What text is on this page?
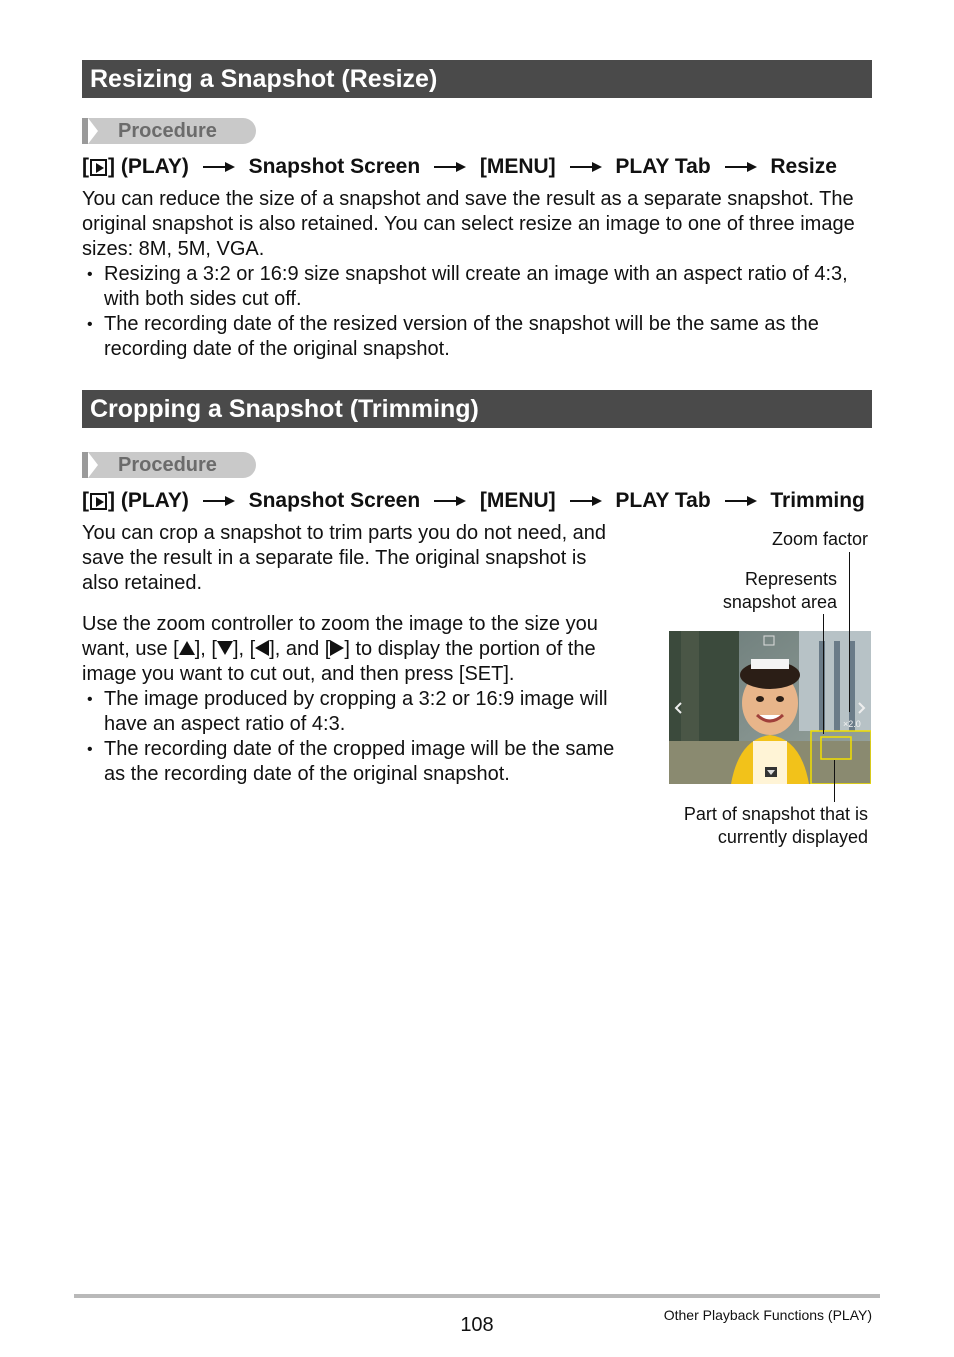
Resizing a Snapshot (Resize)
Procedure
[ ] (PLAY)	Snapshot Screen	[MENU]	PLAY Tab	Resize

You can reduce the size of a snapshot and save the result as a separate snapshot. The original snapshot is also retained. You can select resize an image to one of three image sizes: 8M, 5M, VGA.

• Resizing a 3:2 or 16:9 size snapshot will create an image with an aspect ratio of 4:3, with both sides cut off.
• The recording date of the resized version of the snapshot will be the same as the recording date of the original snapshot.
Cropping a Snapshot (Trimming)
Procedure
[ ] (PLAY)	Snapshot Screen	[MENU]	PLAY Tab	Trimming

You can crop a snapshot to trim parts you do not need, and save the result in a separate file. The original snapshot is also retained.

Use the zoom controller to zoom the image to the size you want, use [ ], [ ], [ ], and [ ] to display the portion of the image you want to cut out, and then press [SET].

• The image produced by cropping a 3:2 or 16:9 image will have an aspect ratio of 4:3.
• The recording date of the cropped image will be the same as the recording date of the original snapshot.
Zoom factor
Represents
snapshot area
Part of snapshot that is
currently displayed
×2.0
108	Other Playback Functions (PLAY)
